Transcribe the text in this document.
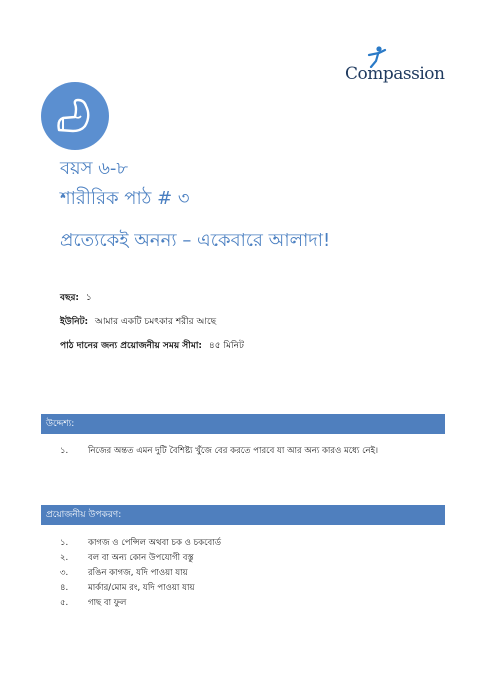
Compassion
বয়স ৬-৮
শারীরিক পাঠ # ৩
প্রত্যেকেই অনন্য – একেবারে আলাদা!
বছর: ১
ইউনিট: আমার একটি চমৎকার শরীর আছে
পাঠ দানের জন্য প্রয়োজনীয় সময় সীমা: ৪৫ মিনিট
উদ্দেশ্য:
১.	নিজের অন্তত এমন দুটি বৈশিষ্ট্য খুঁজে বের করতে পারবে যা আর অন্য কারও মধ্যে নেই।
প্রয়োজনীয় উপকরণ:
১.	কাগজ ও পেন্সিল অথবা চক ও চকবোর্ড
২.	বল বা অন্য কোন উপযোগী বস্তু
৩.	রঙিন কাগজ, যদি পাওয়া যায়
৪.	মার্কার/মোম রং, যদি পাওয়া যায়
৫.	গাছ বা ফুল
